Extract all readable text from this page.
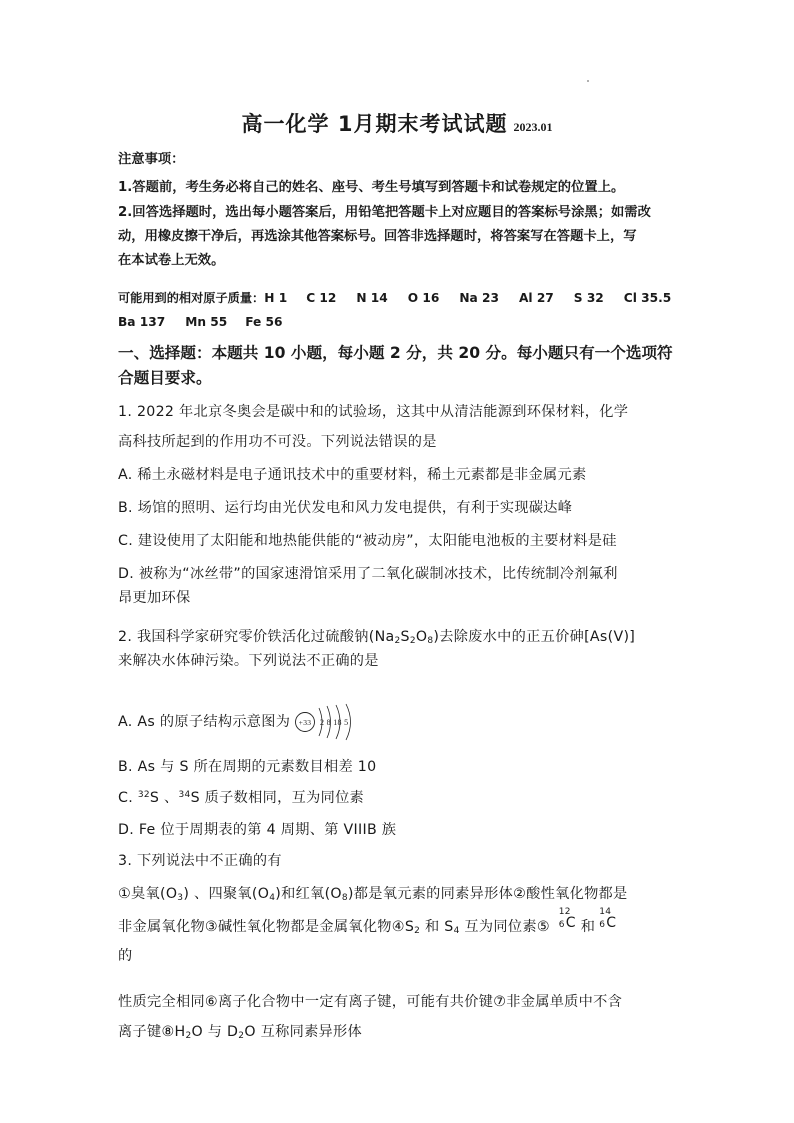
高一化学 1月期末考试试题 2023.01
注意事项：
1.答题前，考生务必将自己的姓名、座号、考生号填写到答题卡和试卷规定的位置上。
2.回答选择题时，选出每小题答案后，用铅笔把答题卡上对应题目的答案标号涂黑；如需改
动，用橡皮擦干净后，再选涂其他答案标号。回答非选择题时，将答案写在答题卡上，写
在本试卷上无效。
可能用到的相对原子质量：H 1 C 12 N 14 O 16 Na 23 Al 27 S 32 Cl 35.5
Ba 137 Mn 55 Fe 56
一、选择题：本题共 10 小题，每小题 2 分，共 20 分。每小题只有一个选项符
合题目要求。
1. 2022 年北京冬奥会是碳中和的试验场，这其中从清洁能源到环保材料，化学
高科技所起到的作用功不可没。下列说法错误的是
A. 稀土永磁材料是电子通讯技术中的重要材料，稀土元素都是非金属元素
B. 场馆的照明、运行均由光伏发电和风力发电提供，有利于实现碳达峰
C. 建设使用了太阳能和地热能供能的“被动房”，太阳能电池板的主要材料是硅
D. 被称为“冰丝带”的国家速滑馆采用了二氧化碳制冰技术，比传统制冷剂氟利
昂更加环保
2. 我国科学家研究零价铁活化过硫酸钠$(Na_2S_2O_8)$去除废水中的正五价砷[As(V)]
来解决水体砷污染。下列说法不正确的是
A. As 的原子结构示意图为 +33 2 8 18 5
B. As 与 S 所在周期的元素数目相差 10
C. $^{32}$S 、$^{34}$S 质子数相同，互为同位素
D. Fe 位于周期表的第 4 周期、第 VIIIB 族
3. 下列说法中不正确的有
①臭氧$(O_3)$ 、四聚氧$(O_4)$和红氧$(O_8)$都是氧元素的同素异形体②酸性氧化物都是
非金属氧化物③碱性氧化物都是金属氧化物$④S_2$ 和 $S_4$ 互为同位素⑤
12
6 C 和
14
6 C
的
性质完全相同⑥离子化合物中一定有离子键，可能有共价键⑦非金属单质中不含
离子键$⑧H_2O$ 与 $D_2O$ 互称同素异形体
